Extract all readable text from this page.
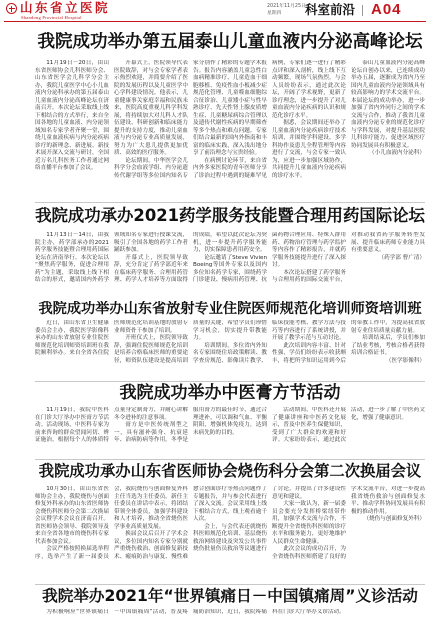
山东省立医院
Shandong Provincial Hospital
2021年11月25日
星期四 科室前沿 A04
我院成功举办第五届泰山儿童血液内分泌高峰论坛

11月19日－20日，由山东省医师协会儿科医师分会、山东省医学会儿科学分会主办，我院儿童医学中心小儿血液内分泌科承办的第五届泰山儿童血液内分泌高峰论坛在济南召开。本次论坛采取线上线下相结合的方式举行，来自全国各地的儿童血液、内分泌领域知名专家学者齐聚一堂，围绕儿童血液疾病与内分泌疾病诊疗的新理念、新进展、新技术展开深入交流与研讨，全国近万名儿科医务工作者通过网络直播平台参加了会议。

开幕式上，医院领导代表医院致辞，对与会专家学者表示热烈欢迎，并简要介绍了医院的发展历程以及儿童医学中心学科建设情况。他表示，儿童健康事关家庭幸福和民族未来，医院高度重视儿科学科发展，将持续加大对儿科人才队伍建设、科研创新和临床能力提升的支持力度，推动儿童血液与内分泌专业高质量发展，努力为广大患儿提供更加优质、高效的医疗服务。

论坛期间，中华医学会儿科学分会血液学组、内分泌遗传代谢学组等多位国内知名专家分别作了精彩的专题学术报告。报告内容涵盖儿童急性白血病精准诊疗、儿童造血干细胞移植、免疫性血小板减少症规范化管理、儿童噬血细胞综合征诊治、儿童矮小症与性早熟诊疗、先天性肾上腺皮质增生症、儿童糖尿病综合管理以及遗传代谢性疾病的早期筛查等多个热点和难点问题。专家们结合最新的国内外指南和丰富的临床实践，深入浅出地分享了前沿理念与宝贵经验。

在病例讨论环节，来自省内外多家医院的青年医师分享了诊治过程中遇到的疑难罕见病例，专家们逐一进行了精彩点评和深入剖析，线上线下互动频繁，现场气氛热烈。与会人员纷纷表示，通过此次论坛，开阔了学术视野，更新了诊疗理念，进一步提升了对儿童血液内分泌疾病的认识和规范化诊疗水平。

据悉，会议期间还举办了儿童血液内分泌疾病诊疗技术培训，并围绕学科建设、多学科协作及患儿全程管理等内容进行了交流，与会专家一致认为，应进一步加强区域协作，共同提升儿童血液内分泌疾病的诊疗水平。

泰山儿童血液内分泌高峰论坛自创办以来，已连续成功举办五届，逐渐成为省内乃至国内儿童血液内分泌领域具有较高影响力的学术交流平台。本届论坛的成功举办，进一步加强了省内外同行之间的学术交流与合作，推动了我省儿童血液内分泌专业的规范化诊疗与学科发展，对提升基层医院儿科诊疗能力、促进区域医疗协同发展具有积极意义。

（小儿血液内分泌科）

我院成功承办2021药学服务技能暨合理用药国际论坛

11月13日－14日，由我院主办，药学部承办的2021药学服务技能暨合理用药国际论坛在济南举行。本次论坛以“聚焦药学服务，促进合理用药”为主题，采取线上线下相结合的形式，邀请国内外药学领域知名专家进行授课交流，吸引了全国各地的药学工作者踊跃参加。

开幕式上，医院领导致辞，充分肯定了药学部近年来在临床药学服务、合理用药管理、药学人才培养等方面取得的成绩，希望以此次论坛为契机，进一步提升药学服务能力，切实保障患者用药安全。

论坛邀请了Steve Vivien Boeing等国外专家以及国内多位知名药学专家，围绕药学门诊建设、慢病用药管理、抗菌药物合理应用、特殊人群用药、药物治疗管理与药学监护等内容作了精彩报告，并就药学服务技能提升进行了深入探讨。

本次论坛搭建了药学服务与合理用药的国际交流平台，对推动我省药学服务转型发展、提升临床药师专业能力具有重要意义。

（药学部 曹广清）

我院成功举办山东省放射专业住院医师规范化培训师资培训班

近日，由山东省卫生健康委员会主办，我院医学影像科承办的山东省放射专业住院医师规范化培训师资培训班在我院顺利举办。来自全省各住院医师规范化培训基地的放射专业师资骨干参加了培训。

开班仪式上，医院领导致辞，强调住院医师规范化培训是培养合格临床医师的重要途径，师资队伍建设是提高培训质量的关键，希望学员们珍惜学习机会，切实提升带教能力。

培训期间，多位省内外知名专家围绕住培政策解读、教学查房规范、影像读片教学、临床技能考核、教学方法与技巧等内容进行了系统讲授，并开展了教学示范与互动讨论。

此次培训内容丰富、针对性强，学员们纷纷表示收获颇丰，将把所学知识运用到今后的带教工作中，为提高我省放射专业住培质量贡献力量。

培训结束后，学员们参加了结业考核，考核合格者获得培训合格证书。

（医学影像科）

我院成功举办中医膏方节活动

11月19日，我院中医科在门诊大厅举办中医膏方节活动。活动现场，中医科专家为前来咨询的群众望闻问切、辨证施治，根据每个人的体质特点量身定制膏方，并耐心讲解冬令进补的注意事项。

膏方是中医传统剂型之一，具有滋补强身、抗衰延年、治病防病等作用。冬季是服用膏方的最佳时节，通过合理进补，可以调和气血、平衡阴阳，增强机体免疫力，达到未病先防的目的。

活动期间，中医科还开展了健康讲座和中医药文化展示，普及中医养生保健知识，受到了广大群众的欢迎和好评。大家纷纷表示，通过此次活动，进一步了解了中医药文化，增强了健康意识。

我院成功承办山东省医师协会烧伤科分会第二次换届会议

10月30日，由山东省医师协会主办，我院烧伤与创面修复外科承办的山东省医师协会烧伤科医师分会第二次换届会议暨学术会议在济南召开。省医师协会领导、我院领导及来自全省各地市的烧伤科专家代表参加会议。

会议严格按照换届选举程序，选举产生了新一届委员会，我院烧伤与创面修复外科主任当选为主任委员。新任主任委员在讲话中表示，将团结带领全体委员，加强学科建设和人才培养，推动全省烧伤医学事业高质量发展。

换届会议后召开了学术会议，多位国内知名专家分别就严重烧伤救治、创面修复新技术、瘢痕防治与康复、慢性难愈合创面诊疗等热点问题作了专题报告，并与参会代表进行了深入交流。会议采用线上线下相结合方式，线上观看逾千人次。

会上，与会代表还就烧伤科医师规范化培训、基层烧伤救治网络建设及突发公共事件烧伤批量伤员救治等议题进行了讨论，并提出了许多建设性意见和建议。

大家一致认为，新一届委员会要充分发挥桥梁纽带作用，加强学术交流与合作，不断提升全省烧伤科医师的诊疗水平和服务能力，更好地维护人民群众生命健康。

此次会议的成功召开，为全省烧伤科医师搭建了良好的学术交流平台，对进一步提高我省烧伤救治与创面修复水平、推动学科协同发展具有积极的推动作用。

（烧伤与创面修复外科）

我院举办2021年“世界镇痛日－中国镇痛周”义诊活动

为积极响应“世界镇痛日－中国镇痛周”活动，普及疼痛防治知识，近日，我院疼痛科在门诊大厅举办义诊活动。
